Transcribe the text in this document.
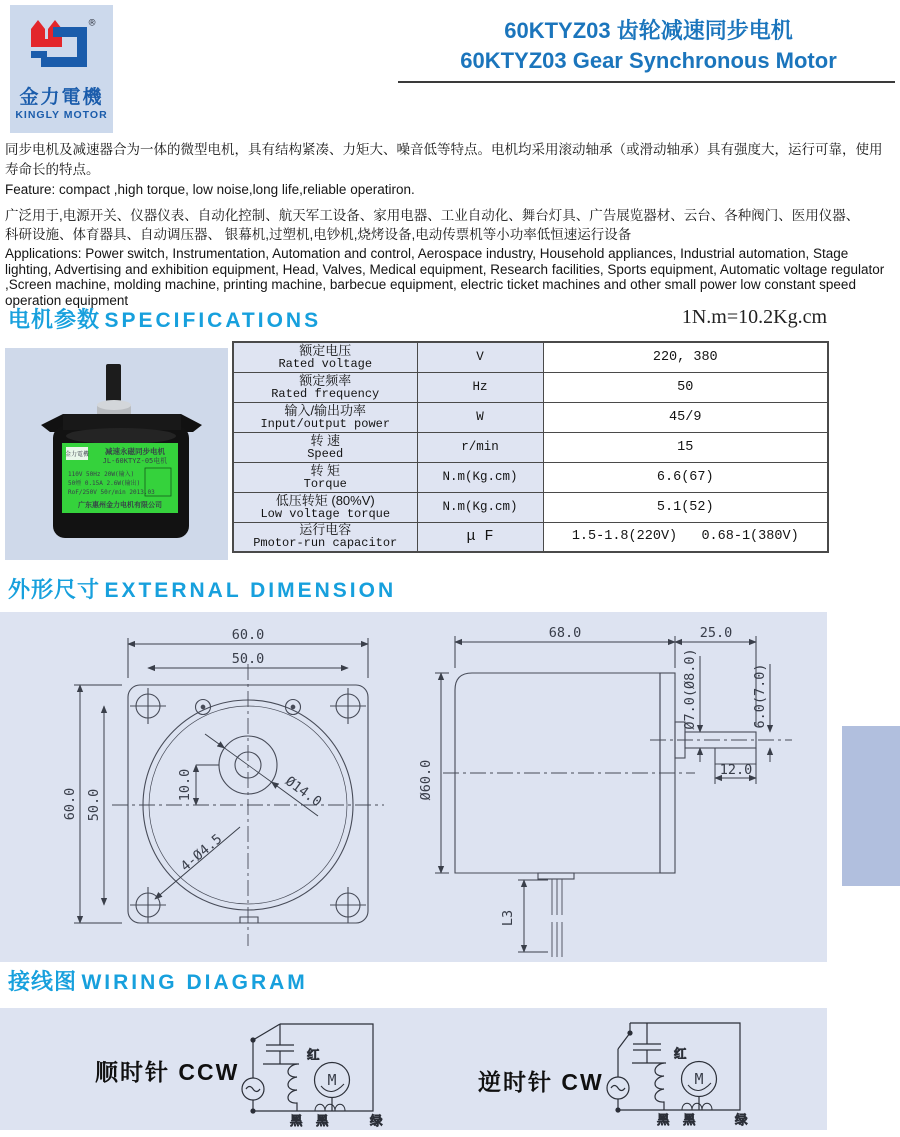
®
金力電機
KINGLY MOTOR
60KTYZ03 齿轮减速同步电机
60KTYZ03 Gear Synchronous Motor
同步电机及减速器合为一体的微型电机，具有结构紧凑、力矩大、噪音低等特点。电机均采用滚动轴承（或滑动轴承）具有强度大，运行可靠，使用
寿命长的特点。
Feature: compact ,high torque, low noise,long life,reliable operatiron.
广泛用于,电源开关、仪器仪表、自动化控制、航天军工设备、家用电器、工业自动化、舞台灯具、广告展览器材、云台、各种阀门、医用仪器、
科研设施、体育器具、自动调压器、 银幕机,过塑机,电钞机,烧烤设备,电动传票机等小功率低恒速运行设备
Applications: Power switch, Instrumentation, Automation and control, Aerospace industry, Household appliances, Industrial automation, Stage lighting, Advertising and exhibition equipment, Head, Valves, Medical equipment, Research facilities, Sports equipment, Automatic voltage regulator ,Screen machine, molding machine, printing machine, barbecue equipment, electric ticket machines and other small power low constant speed operation equipment
电机参数 SPECIFICATIONS	1N.m=10.2Kg.cm
金力電機 减速永磁同步电机
JL-60KTYZ-05电机
110V 50Hz 20W(输入)
50煙 0.15A 2.6W(输出)
RoF/250V 50r/min 2013.03
广东惠州金力电机有限公司
额定电压
Rated voltage	V	220, 380

额定频率
Rated frequency	Hz	50

输入/输出功率
Input/output power	W	45/9

转 速
Speed	r/min	15

转 矩
Torque	N.m(Kg.cm)	6.6(67)

低压转矩 (80%V)
Low voltage torque	N.m(Kg.cm)	5.1(52)

运行电容
Pmotor-run capacitor	μ F	1.5-1.8(220V)   0.68-1(380V)
外形尺寸 EXTERNAL DIMENSION
60.0
50.0
60.0 50.0
10.0	Ø14.0
4-Ø4.5
68.0	25.0
Ø60.0
Ø7.0(Ø8.0)	6.0(7.0)
12.0
L3
接线图 WIRING DIAGRAM
顺时针 CCW	逆时针 CW
红
M
黑 黑	绿
红
M
黑 黑	绿
